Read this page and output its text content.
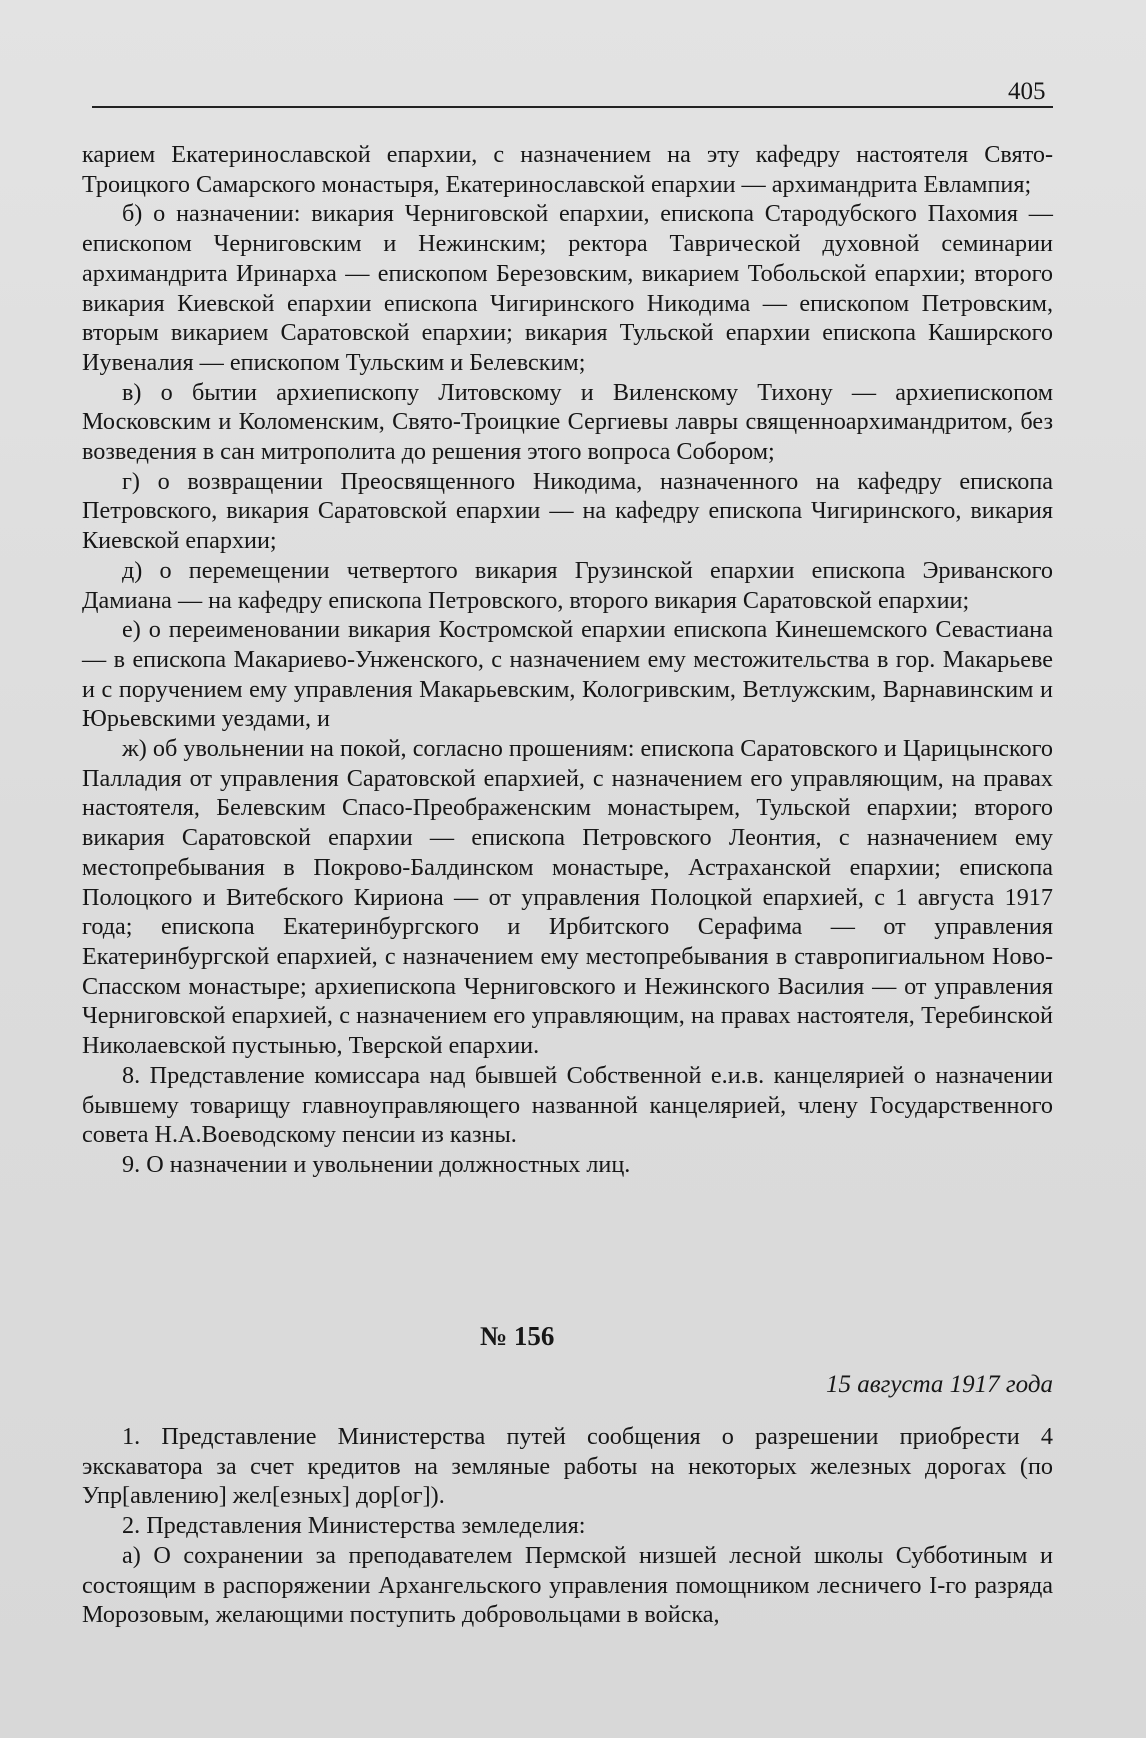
405

карием Екатеринославской епархии, с назначением на эту кафедру настоятеля Свято-Троицкого Самарского монастыря, Екатеринославской епархии — архимандрита Евлампия;

б) о назначении: викария Черниговской епархии, епископа Стародубского Пахомия — епископом Черниговским и Нежинским; ректора Таврической духовной семинарии архимандрита Иринарха — епископом Березовским, викарием Тобольской епархии; второго викария Киевской епархии епископа Чигиринского Никодима — епископом Петровским, вторым викарием Саратовской епархии; викария Тульской епархии епископа Каширского Иувеналия — епископом Тульским и Белевским;

в) о бытии архиепископу Литовскому и Виленскому Тихону — архиепископом Московским и Коломенским, Свято-Троицкие Сергиевы лавры священноархимандритом, без возведения в сан митрополита до решения этого вопроса Собором;

г) о возвращении Преосвященного Никодима, назначенного на кафедру епископа Петровского, викария Саратовской епархии — на кафедру епископа Чигиринского, викария Киевской епархии;

д) о перемещении четвертого викария Грузинской епархии епископа Эриванского Дамиана — на кафедру епископа Петровского, второго викария Саратовской епархии;

е) о переименовании викария Костромской епархии епископа Кинешемского Севастиана — в епископа Макариево-Унженского, с назначением ему местожительства в гор. Макарьеве и с поручением ему управления Макарьевским, Кологривским, Ветлужским, Варнавинским и Юрьевскими уездами, и

ж) об увольнении на покой, согласно прошениям: епископа Саратовского и Царицынского Палладия от управления Саратовской епархией, с назначением его управляющим, на правах настоятеля, Белевским Спасо-Преображенским монастырем, Тульской епархии; второго викария Саратовской епархии — епископа Петровского Леонтия, с назначением ему местопребывания в Покрово-Балдинском монастыре, Астраханской епархии; епископа Полоцкого и Витебского Кириона — от управления Полоцкой епархией, с 1 августа 1917 года; епископа Екатеринбургского и Ирбитского Серафима — от управления Екатеринбургской епархией, с назначением ему местопребывания в ставропигиальном Ново-Спасском монастыре; архиепископа Черниговского и Нежинского Василия — от управления Черниговской епархией, с назначением его управляющим, на правах настоятеля, Теребинской Николаевской пустынью, Тверской епархии.

8. Представление комиссара над бывшей Собственной е.и.в. канцелярией о назначении бывшему товарищу главноуправляющего названной канцелярией, члену Государственного совета Н.А.Воеводскому пенсии из казны.

9. О назначении и увольнении должностных лиц.

№ 156
15 августа 1917 года

1. Представление Министерства путей сообщения о разрешении приобрести 4 экскаватора за счет кредитов на земляные работы на некоторых железных дорогах (по Упр[авлению] жел[езных] дор[ог]).

2. Представления Министерства земледелия:

а) О сохранении за преподавателем Пермской низшей лесной школы Субботиным и состоящим в распоряжении Архангельского управления помощником лесничего I-го разряда Морозовым, желающими поступить добровольцами в войска,
